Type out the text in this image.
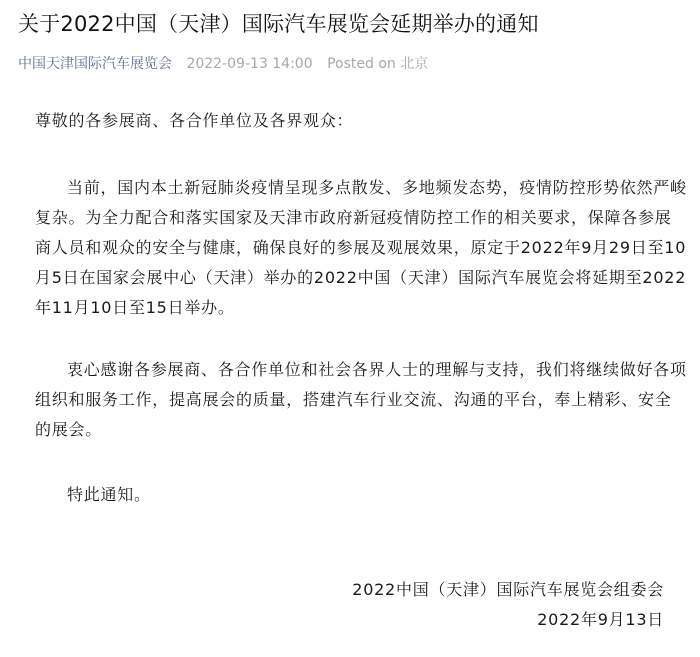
关于2022中国（天津）国际汽车展览会延期举办的通知
中国天津国际汽车展览会 2022-09-13 14:00 Posted on 北京
尊敬的各参展商、各合作单位及各界观众：
当前，国内本土新冠肺炎疫情呈现多点散发、多地频发态势，疫情防控形势依然严峻
复杂。为全力配合和落实国家及天津市政府新冠疫情防控工作的相关要求，保障各参展
商人员和观众的安全与健康，确保良好的参展及观展效果，原定于2022年9月29日至10
月5日在国家会展中心（天津）举办的2022中国（天津）国际汽车展览会将延期至2022
年11月10日至15日举办。
衷心感谢各参展商、各合作单位和社会各界人士的理解与支持，我们将继续做好各项
组织和服务工作，提高展会的质量，搭建汽车行业交流、沟通的平台，奉上精彩、安全
的展会。
特此通知。
2022中国（天津）国际汽车展览会组委会
2022年9月13日
